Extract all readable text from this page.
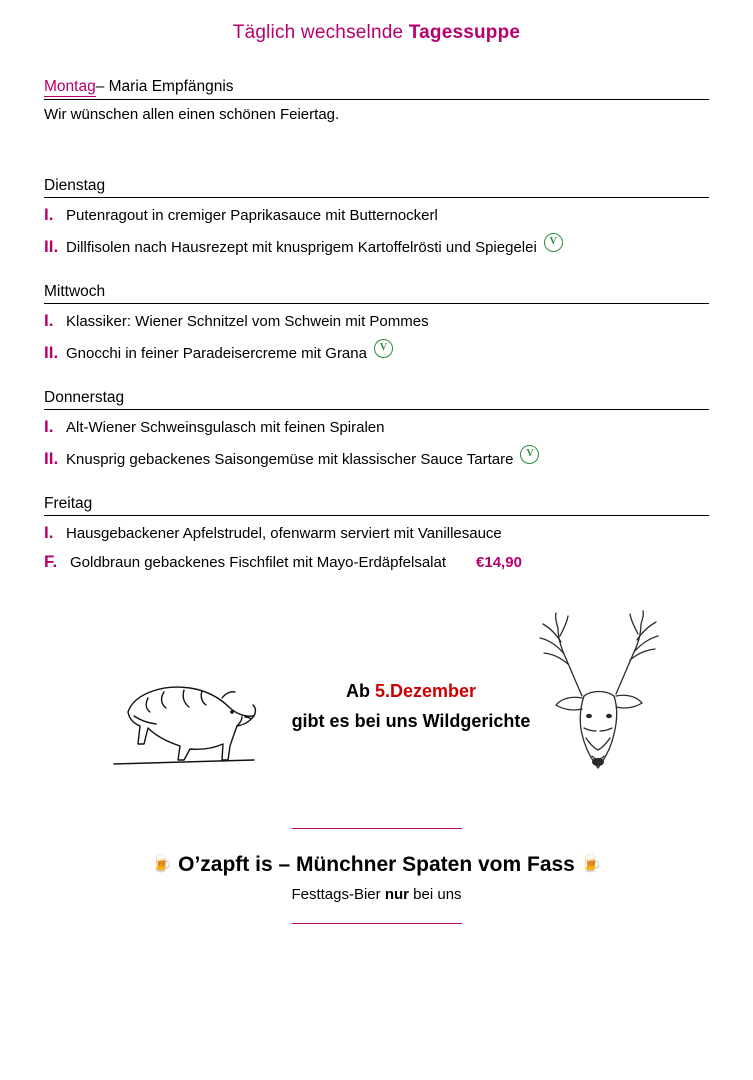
Täglich wechselnde Tagessuppe
Montag– Maria Empfängnis
Wir wünschen allen einen schönen Feiertag.
Dienstag
I. Putenragout in cremiger Paprikasauce mit Butternockerl
II. Dillfisolen nach Hausrezept mit knusprigem Kartoffelrösti und Spiegelei
V
Mittwoch
I. Klassiker: Wiener Schnitzel vom Schwein mit Pommes
II. Gnocchi in feiner Paradeisercreme mit Grana
V
Donnerstag
I. Alt-Wiener Schweinsgulasch mit feinen Spiralen
II. Knusprig gebackenes Saisongemüse mit klassischer Sauce Tartare
V
Freitag
I. Hausgebackener Apfelstrudel, ofenwarm serviert mit Vanillesauce
F. Goldbraun gebackenes Fischfilet mit Mayo-Erdäpfelsalat €14,90
Ab 5.Dezember
gibt es bei uns Wildgerichte
🍺 O’zapft is – Münchner Spaten vom Fass 🍺
Festtags-Bier nur bei uns
